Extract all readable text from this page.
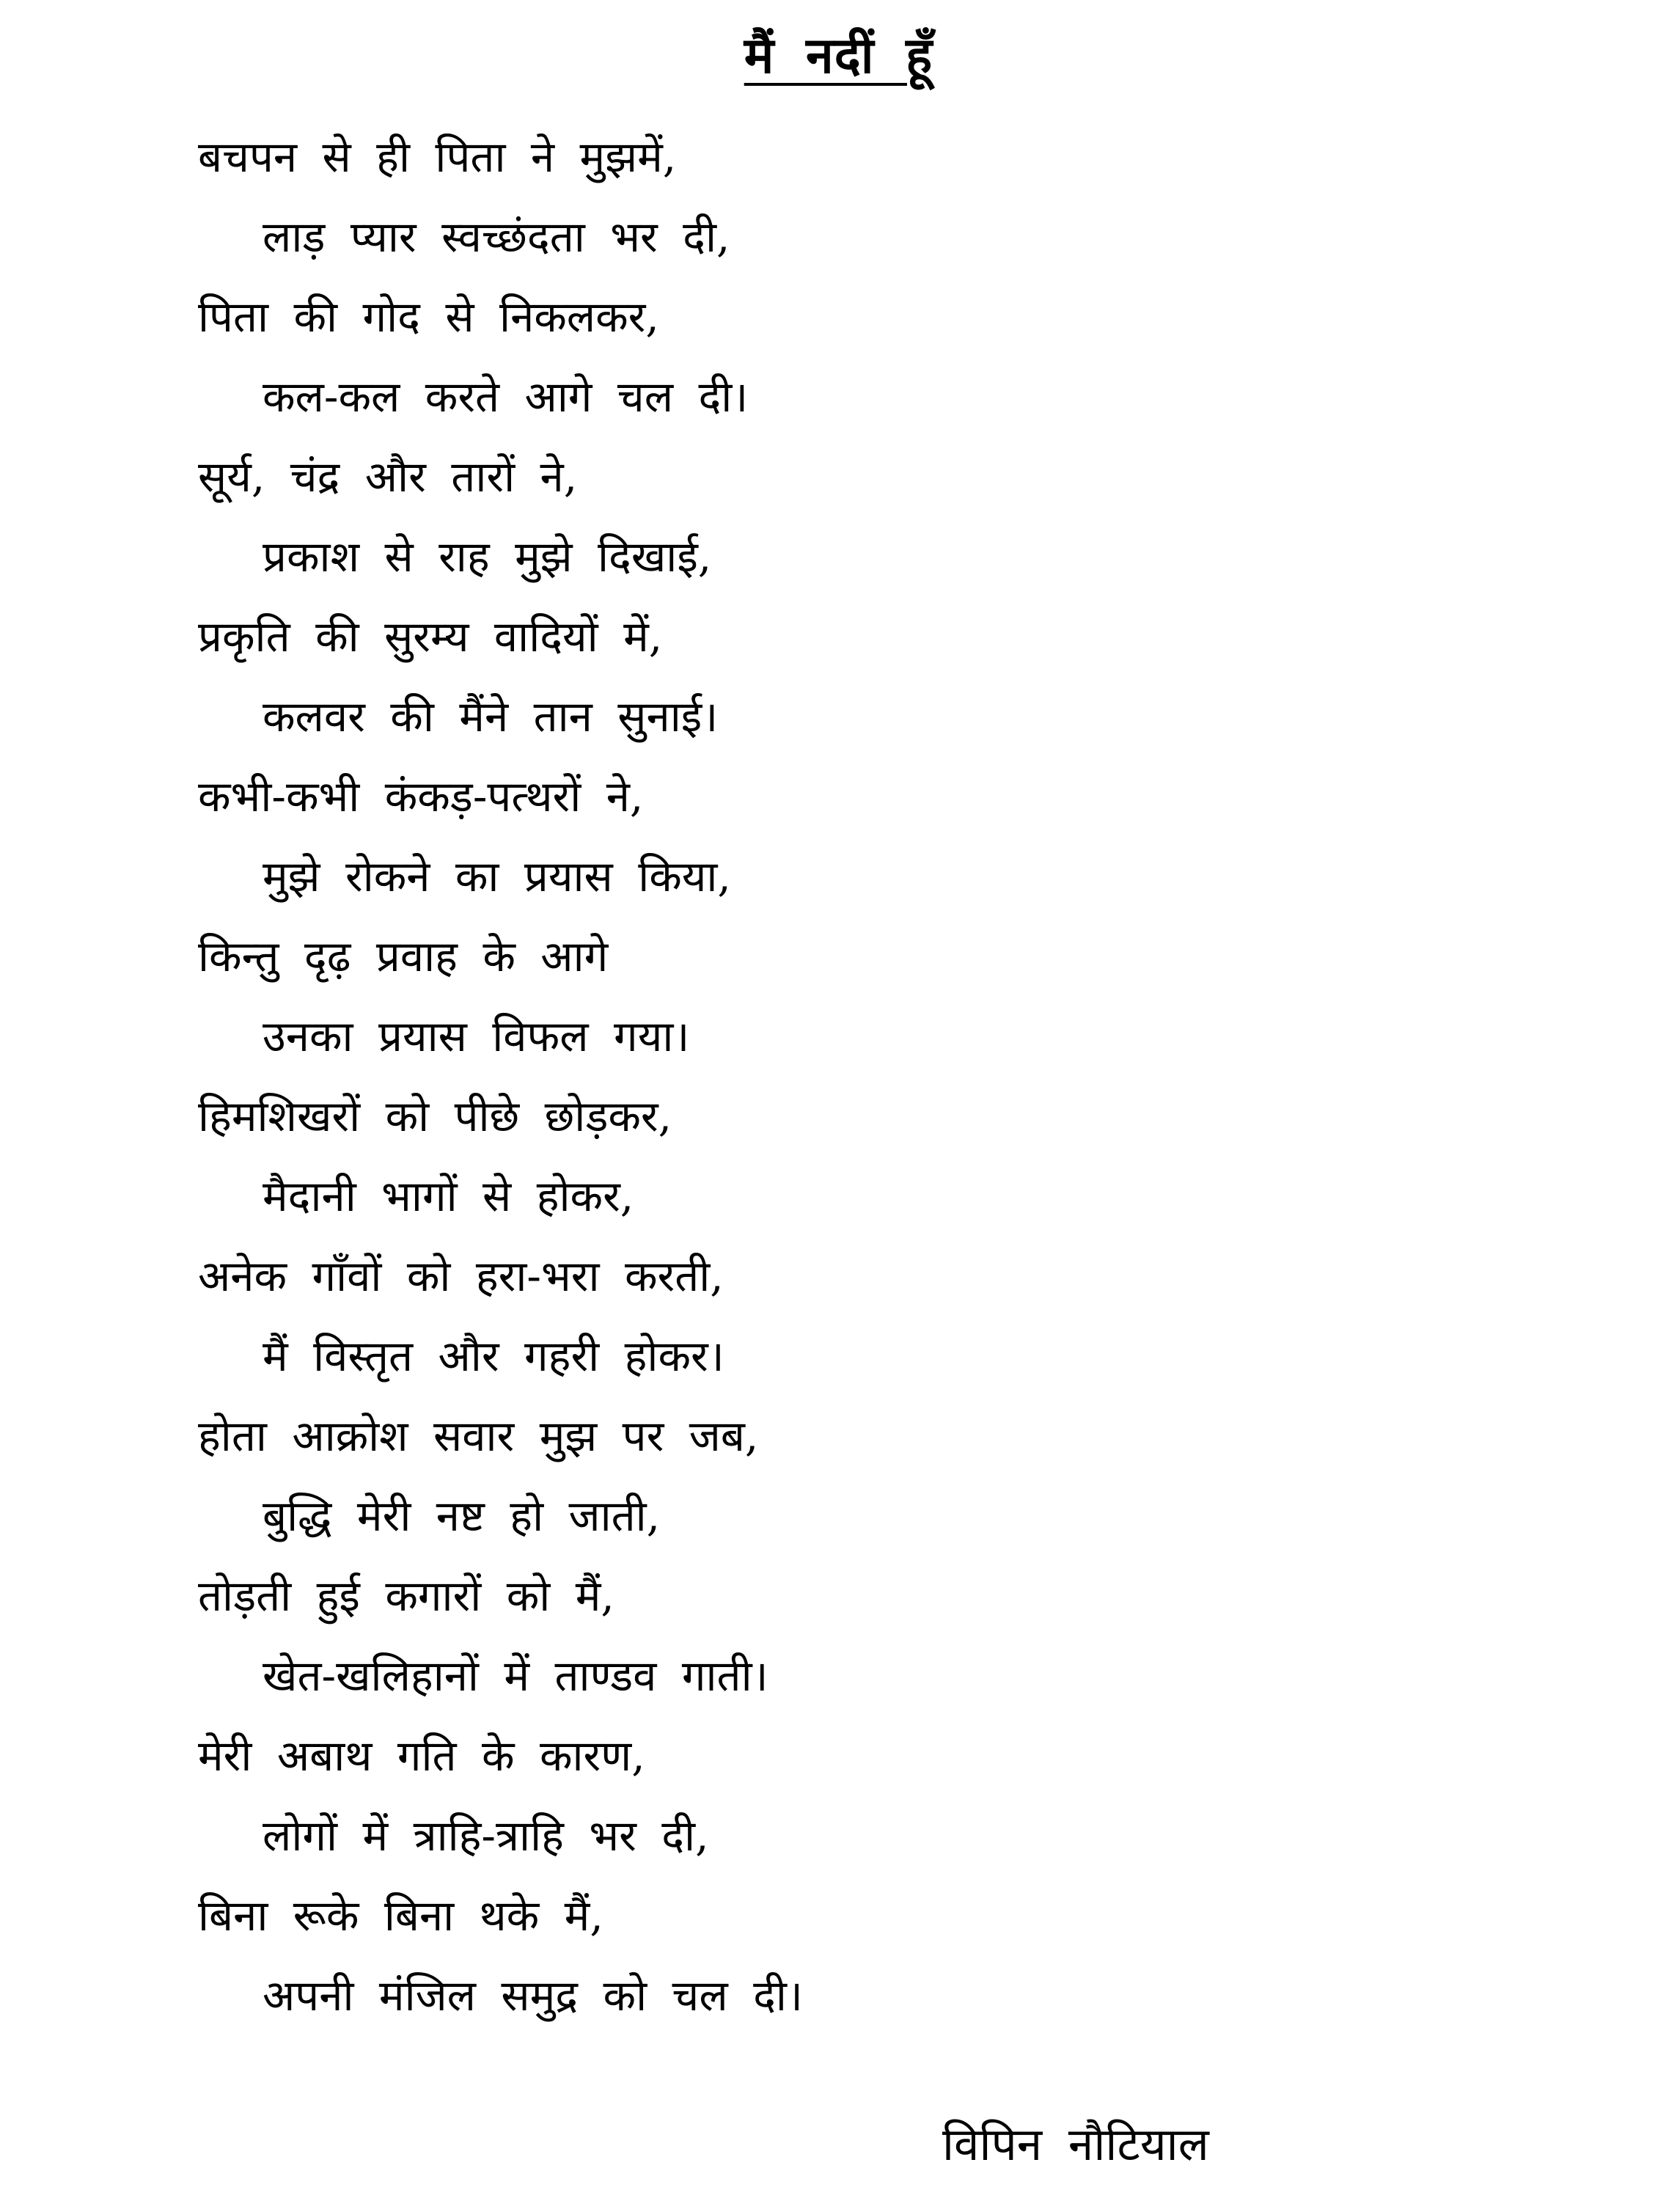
मैं नदीं हूँ
बचपन से ही पिता ने मुझमें,
लाड़ प्यार स्वच्छंदता भर दी,
पिता की गोद से निकलकर,
कल-कल करते आगे चल दी।
सूर्य, चंद्र और तारों ने,
प्रकाश से राह मुझे दिखाई,
प्रकृति की सुरम्य वादियों में,
कलवर की मैंने तान सुनाई।
कभी-कभी कंकड़-पत्थरों ने,
मुझे रोकने का प्रयास किया,
किन्तु दृढ़ प्रवाह के आगे
उनका प्रयास विफल गया।
हिमशिखरों को पीछे छोड़कर,
मैदानी भागों से होकर,
अनेक गाँवों को हरा-भरा करती,
मैं विस्तृत और गहरी होकर।
होता आक्रोश सवार मुझ पर जब,
बुद्धि मेरी नष्ट हो जाती,
तोड़ती हुई कगारों को मैं,
खेत-खलिहानों में ताण्डव गाती।
मेरी अबाथ गति के कारण,
लोगों में त्राहि-त्राहि भर दी,
बिना रूके बिना थके मैं,
अपनी मंजिल समुद्र को चल दी।
विपिन नौटियाल
